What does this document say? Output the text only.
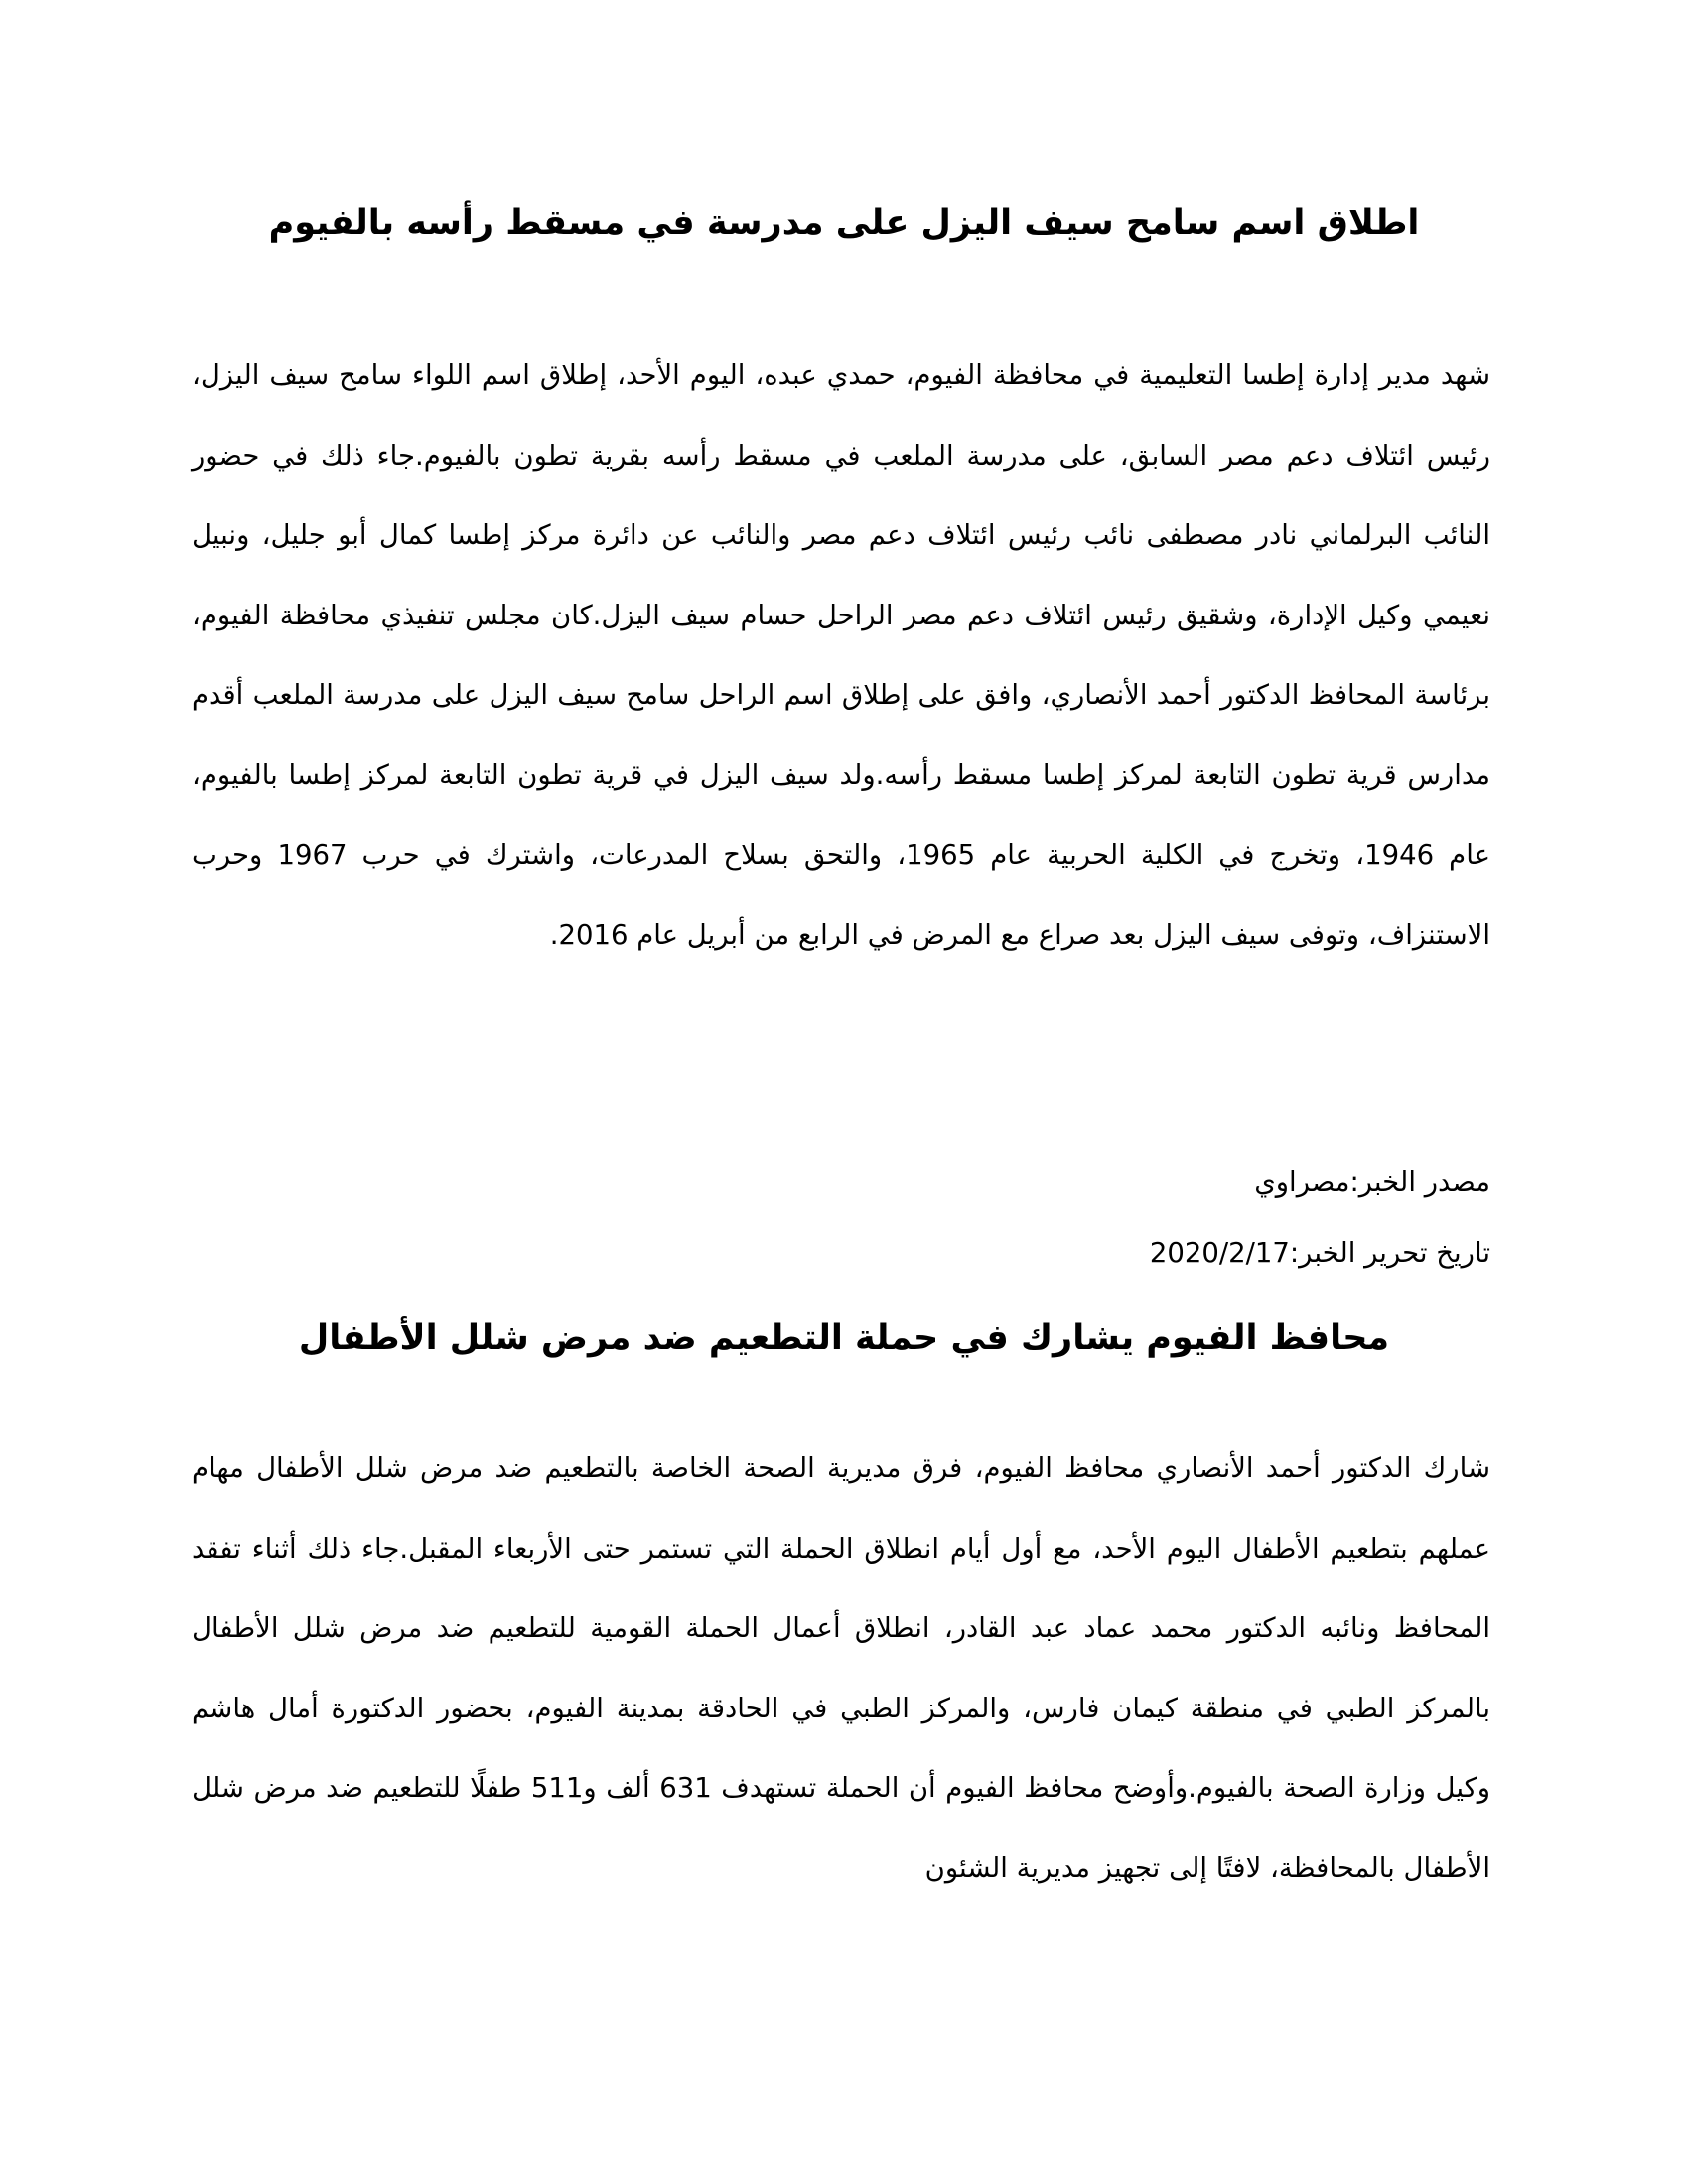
اطلاق اسم سامح سيف اليزل على مدرسة في مسقط رأسه بالفيوم

شهد مدير إدارة إطسا التعليمية في محافظة الفيوم، حمدي عبده، اليوم الأحد، إطلاق اسم اللواء سامح سيف اليزل، رئيس ائتلاف دعم مصر السابق، على مدرسة الملعب في مسقط رأسه بقرية تطون بالفيوم.جاء ذلك في حضور النائب البرلماني نادر مصطفى نائب رئيس ائتلاف دعم مصر والنائب عن دائرة مركز إطسا كمال أبو جليل، ونبيل نعيمي وكيل الإدارة، وشقيق رئيس ائتلاف دعم مصر الراحل حسام سيف اليزل.كان مجلس تنفيذي محافظة الفيوم، برئاسة المحافظ الدكتور أحمد الأنصاري، وافق على إطلاق اسم الراحل سامح سيف اليزل على مدرسة الملعب أقدم مدارس قرية تطون التابعة لمركز إطسا مسقط رأسه.ولد سيف اليزل في قرية تطون التابعة لمركز إطسا بالفيوم، عام 1946، وتخرج في الكلية الحربية عام 1965، والتحق بسلاح المدرعات، واشترك في حرب 1967 وحرب الاستنزاف، وتوفى سيف اليزل بعد صراع مع المرض في الرابع من أبريل عام 2016.

مصدر الخبر:مصراوي

تاريخ تحرير الخبر:2020/2/17

محافظ الفيوم يشارك في حملة التطعيم ضد مرض شلل الأطفال

شارك الدكتور أحمد الأنصاري محافظ الفيوم، فرق مديرية الصحة الخاصة بالتطعيم ضد مرض شلل الأطفال مهام عملهم بتطعيم الأطفال اليوم الأحد، مع أول أيام انطلاق الحملة التي تستمر حتى الأربعاء المقبل.جاء ذلك أثناء تفقد المحافظ ونائبه الدكتور محمد عماد عبد القادر، انطلاق أعمال الحملة القومية للتطعيم ضد مرض شلل الأطفال بالمركز الطبي في منطقة كيمان فارس، والمركز الطبي في الحادقة بمدينة الفيوم، بحضور الدكتورة أمال هاشم وكيل وزارة الصحة بالفيوم.وأوضح محافظ الفيوم أن الحملة تستهدف 631 ألف و511 طفلًا للتطعيم ضد مرض شلل الأطفال بالمحافظة، لافتًا إلى تجهيز مديرية الشئون
